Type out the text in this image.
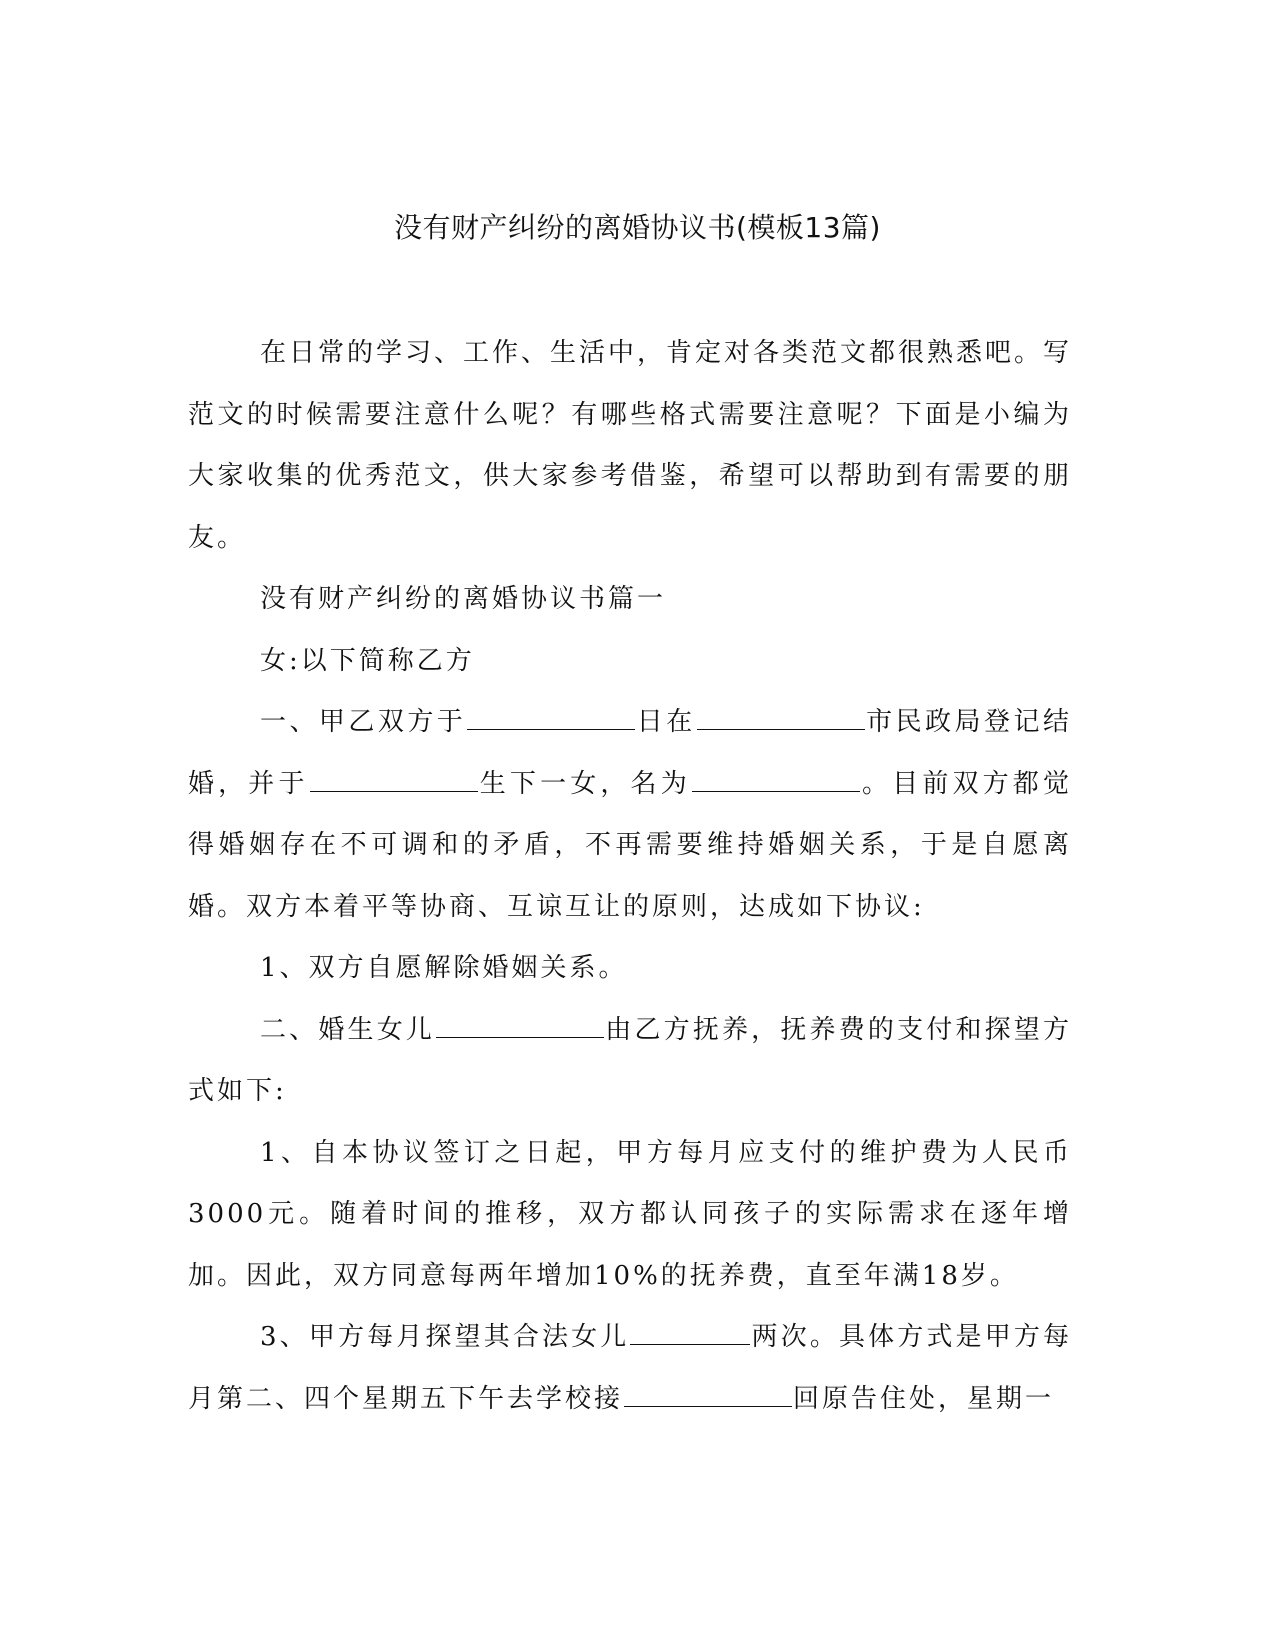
没有财产纠纷的离婚协议书(模板13篇)

在日常的学习、工作、生活中，肯定对各类范文都很熟悉吧。写范文的时候需要注意什么呢？有哪些格式需要注意呢？下面是小编为大家收集的优秀范文，供大家参考借鉴，希望可以帮助到有需要的朋友。

没有财产纠纷的离婚协议书篇一

女:以下简称乙方

一、甲乙双方于	日在	市民政局登记结婚，并于	生下一女，名为	。目前双方都觉得婚姻存在不可调和的矛盾，不再需要维持婚姻关系，于是自愿离婚。双方本着平等协商、互谅互让的原则，达成如下协议:

1、双方自愿解除婚姻关系。

二、婚生女儿	由乙方抚养，抚养费的支付和探望方式如下:

1、自本协议签订之日起，甲方每月应支付的维护费为人民币3000元。随着时间的推移，双方都认同孩子的实际需求在逐年增加。因此，双方同意每两年增加10%的抚养费，直至年满18岁。

3、甲方每月探望其合法女儿	两次。具体方式是甲方每月第二、四个星期五下午去学校接	回原告住处，星期一
